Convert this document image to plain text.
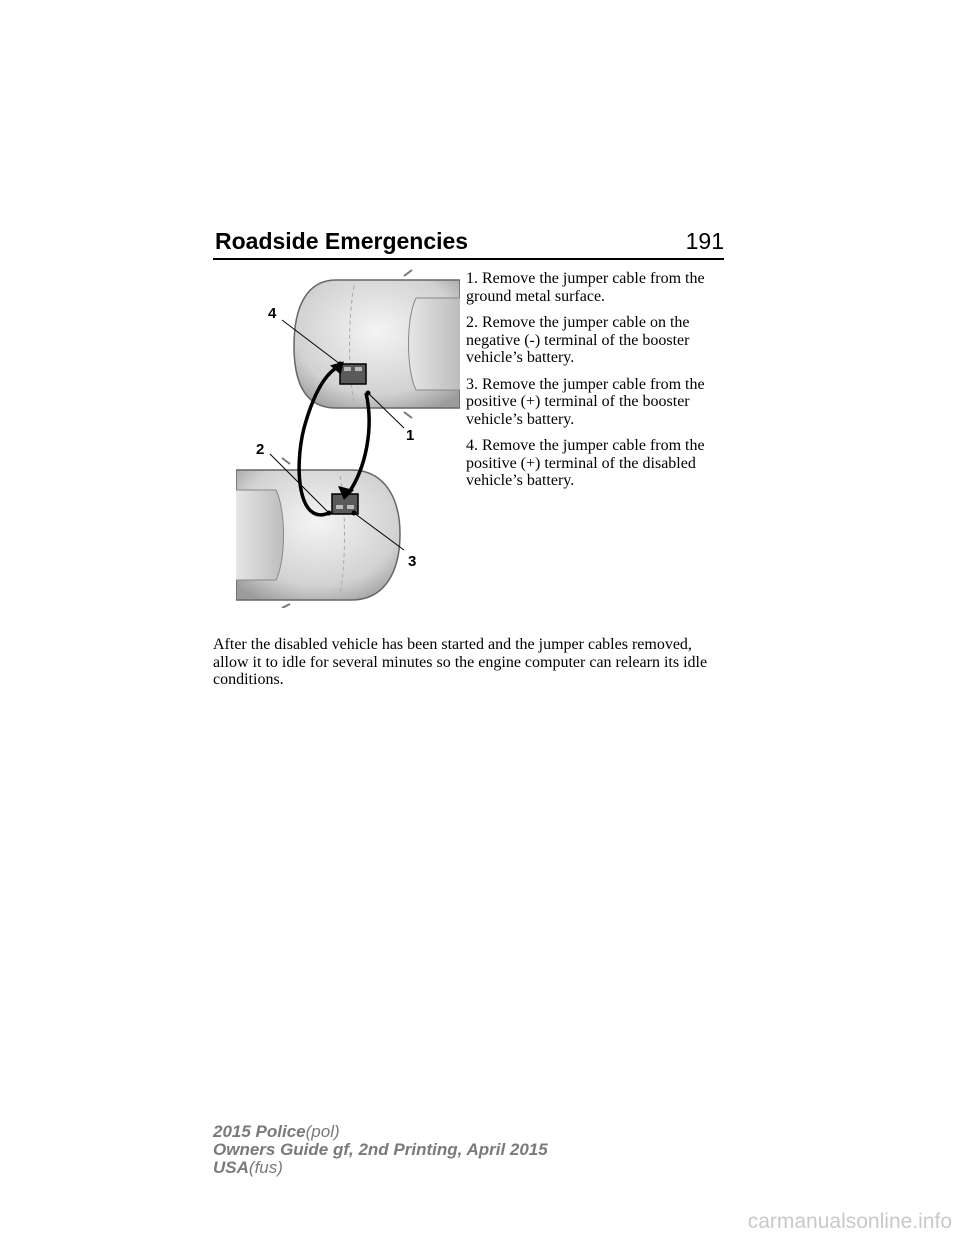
Roadside Emergencies	191
4
1
2
3

1. Remove the jumper cable from the ground metal surface.

2. Remove the jumper cable on the negative (-) terminal of the booster vehicle’s battery.

3. Remove the jumper cable from the positive (+) terminal of the booster vehicle’s battery.

4. Remove the jumper cable from the positive (+) terminal of the disabled vehicle’s battery.

After the disabled vehicle has been started and the jumper cables removed, allow it to idle for several minutes so the engine computer can relearn its idle conditions.

2015 Police(pol)
Owners Guide gf, 2nd Printing, April 2015
USA(fus)
carmanualsonline.info
